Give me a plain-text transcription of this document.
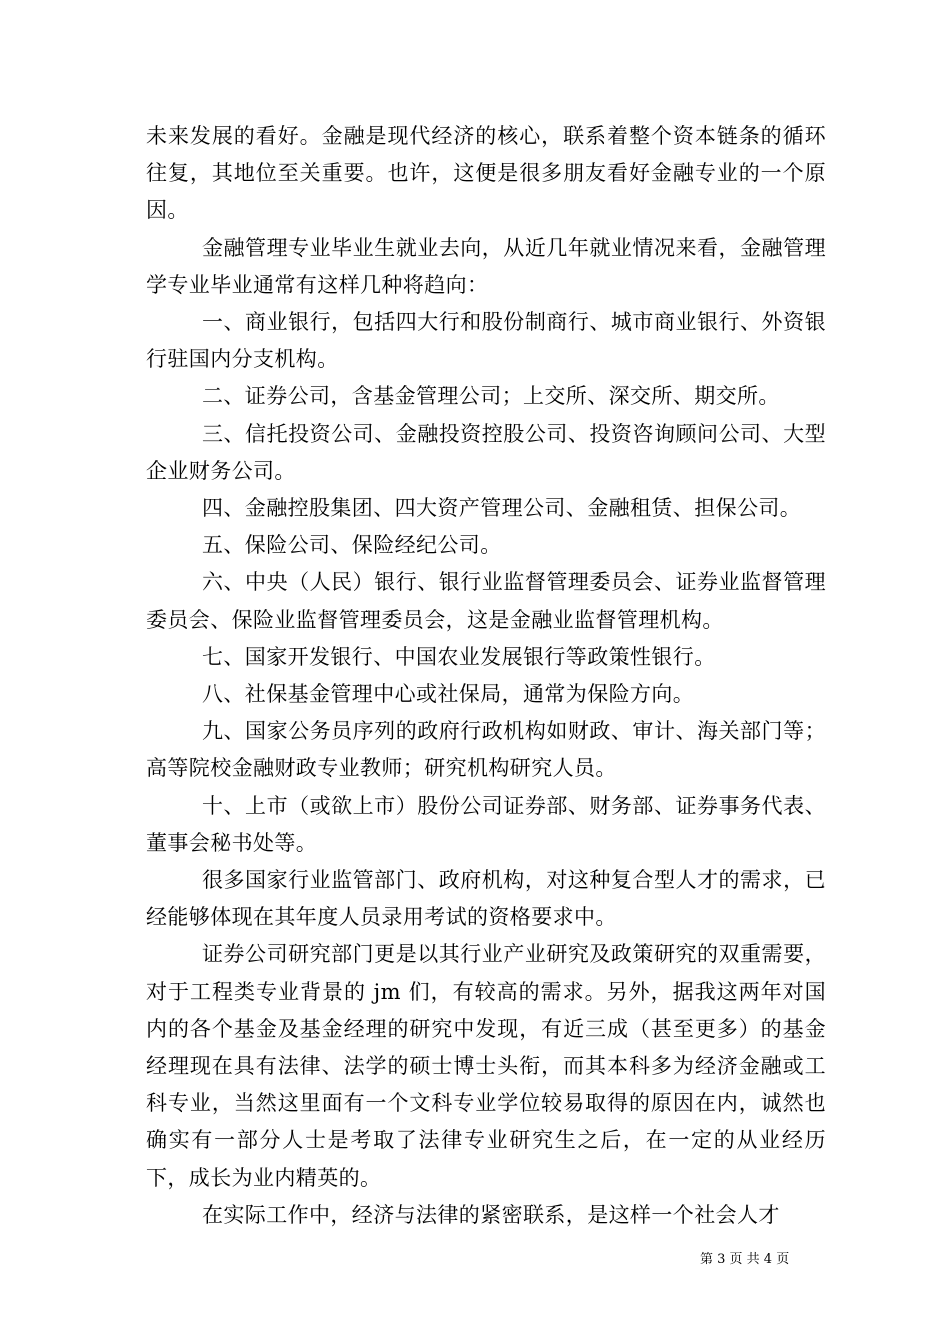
未来发展的看好。金融是现代经济的核心，联系着整个资本链条的循环往复，其地位至关重要。也许，这便是很多朋友看好金融专业的一个原因。

金融管理专业毕业生就业去向，从近几年就业情况来看，金融管理学专业毕业通常有这样几种将趋向：

一、商业银行，包括四大行和股份制商行、城市商业银行、外资银行驻国内分支机构。

二、证券公司，含基金管理公司；上交所、深交所、期交所。

三、信托投资公司、金融投资控股公司、投资咨询顾问公司、大型企业财务公司。

四、金融控股集团、四大资产管理公司、金融租赁、担保公司。

五、保险公司、保险经纪公司。

六、中央（人民）银行、银行业监督管理委员会、证券业监督管理委员会、保险业监督管理委员会，这是金融业监督管理机构。

七、国家开发银行、中国农业发展银行等政策性银行。

八、社保基金管理中心或社保局，通常为保险方向。

九、国家公务员序列的政府行政机构如财政、审计、海关部门等；高等院校金融财政专业教师；研究机构研究人员。

十、上市（或欲上市）股份公司证券部、财务部、证券事务代表、董事会秘书处等。

很多国家行业监管部门、政府机构，对这种复合型人才的需求，已经能够体现在其年度人员录用考试的资格要求中。

证券公司研究部门更是以其行业产业研究及政策研究的双重需要，对于工程类专业背景的 jm 们，有较高的需求。另外，据我这两年对国内的各个基金及基金经理的研究中发现，有近三成（甚至更多）的基金经理现在具有法律、法学的硕士博士头衔，而其本科多为经济金融或工科专业，当然这里面有一个文科专业学位较易取得的原因在内，诚然也确实有一部分人士是考取了法律专业研究生之后，在一定的从业经历下，成长为业内精英的。

在实际工作中，经济与法律的紧密联系，是这样一个社会人才

第 3 页 共 4 页
